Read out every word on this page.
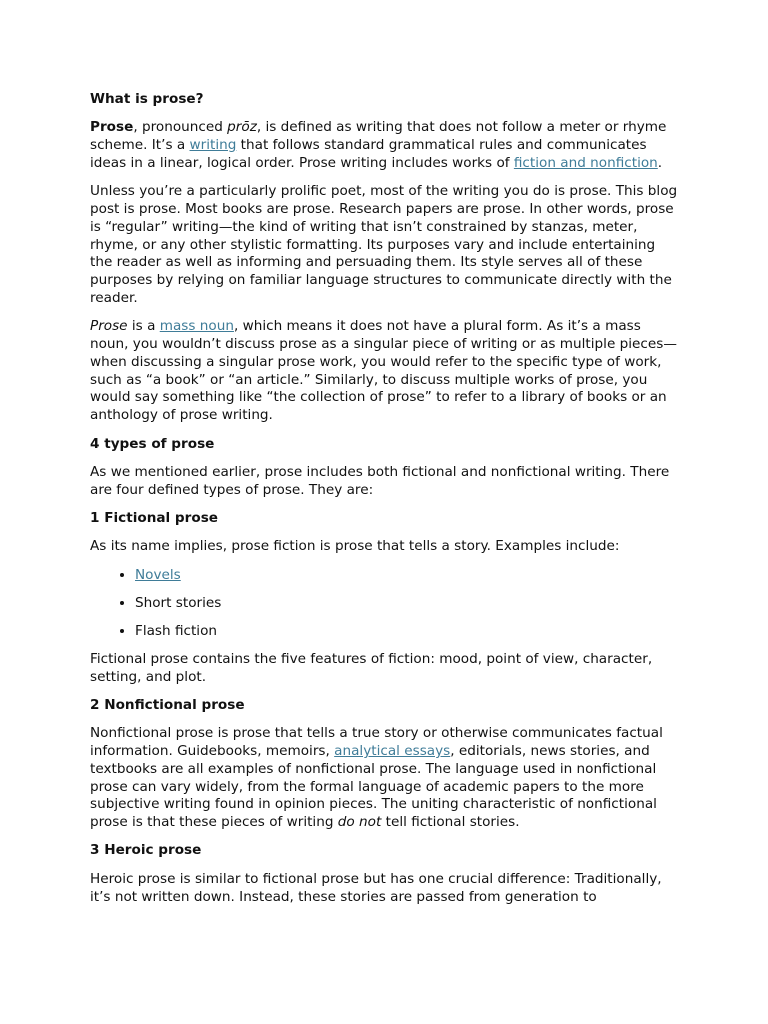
What is prose?

Prose, pronounced prōz, is defined as writing that does not follow a meter or rhyme scheme. It’s a writing that follows standard grammatical rules and communicates ideas in a linear, logical order. Prose writing includes works of fiction and nonfiction.

Unless you’re a particularly prolific poet, most of the writing you do is prose. This blog post is prose. Most books are prose. Research papers are prose. In other words, prose is “regular” writing—the kind of writing that isn’t constrained by stanzas, meter, rhyme, or any other stylistic formatting. Its purposes vary and include entertaining the reader as well as informing and persuading them. Its style serves all of these purposes by relying on familiar language structures to communicate directly with the reader.

Prose is a mass noun, which means it does not have a plural form. As it’s a mass noun, you wouldn’t discuss prose as a singular piece of writing or as multiple pieces—when discussing a singular prose work, you would refer to the specific type of work, such as “a book” or “an article.” Similarly, to discuss multiple works of prose, you would say something like “the collection of prose” to refer to a library of books or an anthology of prose writing.

4 types of prose

As we mentioned earlier, prose includes both fictional and nonfictional writing. There are four defined types of prose. They are:

1 Fictional prose

As its name implies, prose fiction is prose that tells a story. Examples include:

• Novels
• Short stories
• Flash fiction

Fictional prose contains the five features of fiction: mood, point of view, character, setting, and plot.

2 Nonfictional prose

Nonfictional prose is prose that tells a true story or otherwise communicates factual information. Guidebooks, memoirs, analytical essays, editorials, news stories, and textbooks are all examples of nonfictional prose. The language used in nonfictional prose can vary widely, from the formal language of academic papers to the more subjective writing found in opinion pieces. The uniting characteristic of nonfictional prose is that these pieces of writing do not tell fictional stories.

3 Heroic prose

Heroic prose is similar to fictional prose but has one crucial difference: Traditionally, it’s not written down. Instead, these stories are passed from generation to
